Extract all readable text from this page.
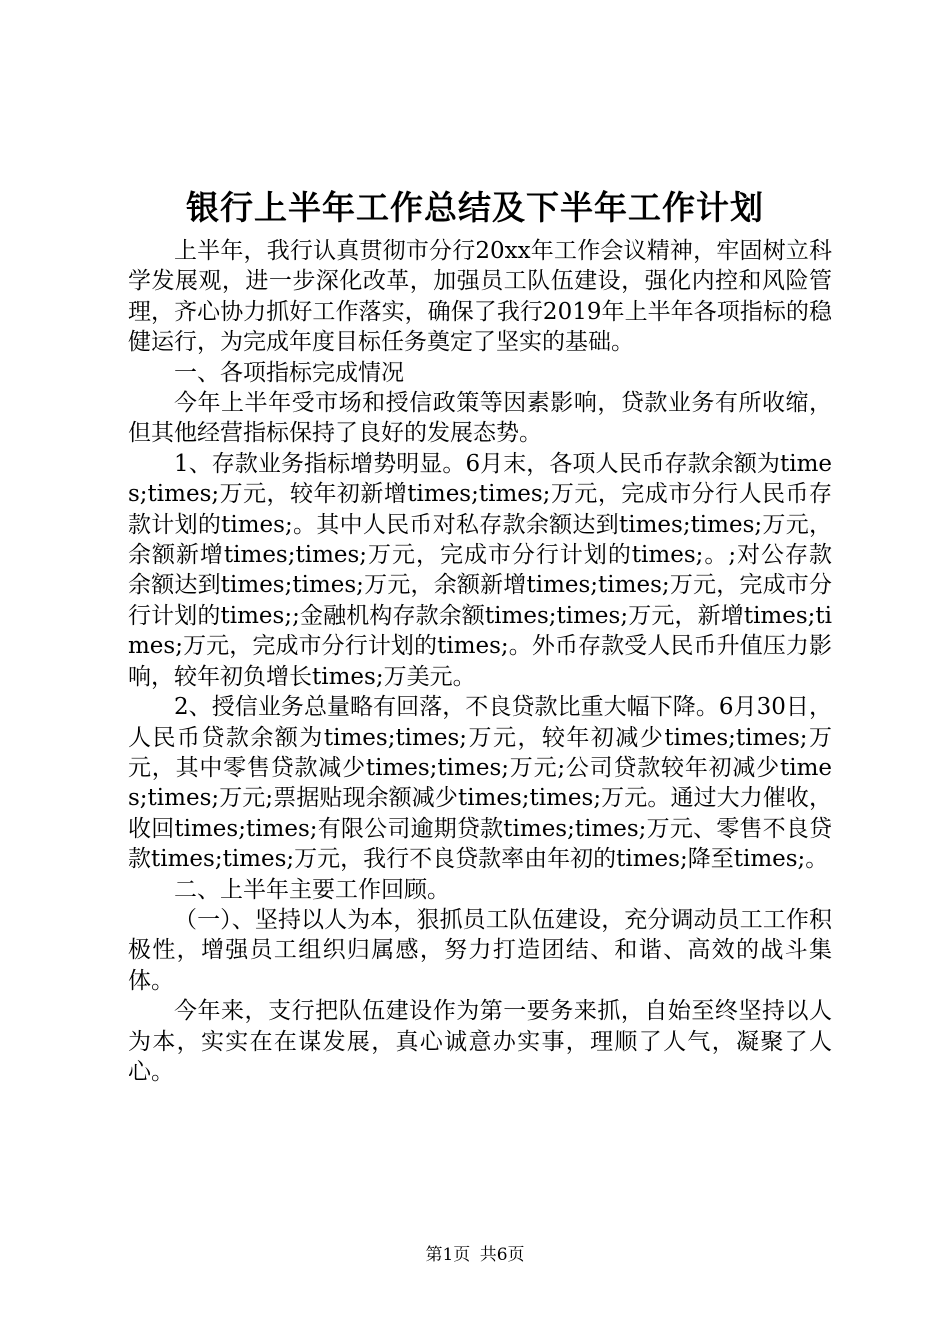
银行上半年工作总结及下半年工作计划

上半年，我行认真贯彻市分行20xx年工作会议精神，牢固树立科学发展观，进一步深化改革，加强员工队伍建设，强化内控和风险管理，齐心协力抓好工作落实，确保了我行2019年上半年各项指标的稳健运行，为完成年度目标任务奠定了坚实的基础。

一、各项指标完成情况

今年上半年受市场和授信政策等因素影响，贷款业务有所收缩，但其他经营指标保持了良好的发展态势。

1、存款业务指标增势明显。6月末，各项人民币存款余额为times;times;万元，较年初新增times;times;万元，完成市分行人民币存款计划的times;。其中人民币对私存款余额达到times;times;万元，余额新增times;times;万元，完成市分行计划的times;。;对公存款余额达到times;times;万元，余额新增times;times;万元，完成市分行计划的times;;金融机构存款余额times;times;万元，新增times;times;万元，完成市分行计划的times;。外币存款受人民币升值压力影响，较年初负增长times;万美元。

2、授信业务总量略有回落，不良贷款比重大幅下降。6月30日，人民币贷款余额为times;times;万元，较年初减少times;times;万元，其中零售贷款减少times;times;万元;公司贷款较年初减少times;times;万元;票据贴现余额减少times;times;万元。通过大力催收，收回times;times;有限公司逾期贷款times;times;万元、零售不良贷款times;times;万元，我行不良贷款率由年初的times;降至times;。

二、上半年主要工作回顾。

（一）、坚持以人为本，狠抓员工队伍建设，充分调动员工工作积极性，增强员工组织归属感，努力打造团结、和谐、高效的战斗集体。

今年来，支行把队伍建设作为第一要务来抓，自始至终坚持以人为本，实实在在谋发展，真心诚意办实事，理顺了人气，凝聚了人心。

第1页 共6页
